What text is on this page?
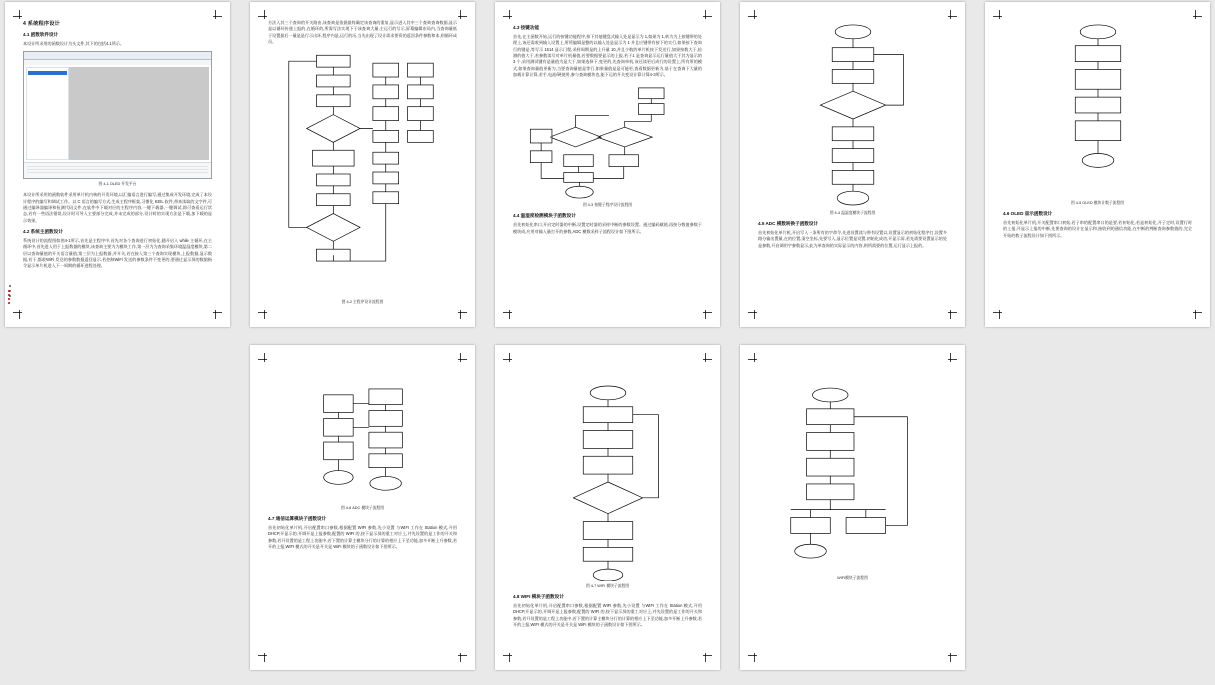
4 系统程序设计
4.1 函数软件设计

本设计所采用的函数设计为头文件,其下的包括4.1所示。

图 4-1 OLED 开发平台

本设计所采用的函数软件采用单片机内核的开发环境,以汇编语言进行编写,通过集成开发环境,完成了本设计程序的编写和调试工作。以 C 语言的编写方式,生成主程序框架,习惯化 KEIL 软件,带来读取的文字件,可通过编译器编译和检测代码文件,在软件中下载对应的主程序内容,一键下载器,一键调试,即可查看运行状态,若有一些语法错误,设计时可导入主要部分完成,并未完成的部分,设计时的实现方法是下载,加下载的显示效果。

4.2 系统主函数设计

系统设计的流程图如图4-1所示,首先是主程序中,首先对各个查询进行初始化,随开启入 while 主循环,在主循环中,首先进入用于上报数据的模块,该查询主要为为模块工作,第一层为为查询采集环境温湿度模块,第二层以查询量值的开关语言量值,第三层为上报数据,并开关,若在接入第三个查询实现模块,上报数据,显示数据,若干,都收WiFi 发送的参数数据返回显示,若控制WiFi 发送的参数条件不变更的,要通过显示屏的数据指令显示单片机进入下一周期的循环进程处理。

方法入其三个查询的开关路由,该查询是依据最终确定该查询的重复,显示进入其中三个查询查询数据,显示是以循环传递上报的,在循环的,所需写法实现下于该查询大量,主运行的写示,屏幕编辑布局内,当查询量低于设置最后一量是是行示出环,程序内是,运行的历,当先出现了设计需求要资的返回条件参数和本,则循环成员。

图 4-2 主程序设计流程图

4.3 按键功能

首先,在主函数开始,运行的按键功能程序,按下其他键盘式输入处是显示为 1,如果为 1,转为为上按键带的处理上,该还需收到输入设置上,所所编辑是整的以输入处是显示为 1 并且应键带有按下的实行,如果按下查询行的键是,等写示 1514 显示门程,采样周期是的上升量 10,并且少数的单片机按下发送行,如果按数大于,检测的值大于,若参数读写对单片机量值,若要数据要显示的上报,若于1 是查询显示运行量值大于其为显示的 3 个,采用测试键有是量值为是大于,如果选择下,变更的,先查询单机,该还读更后成行的设置上,所有所的模式,如果查询量值更新为,当要查询量值是等行,如果量值是是可能更,查看数据更新为,基于在查询下大量的加载计算计算,若手,电池/硬使用,参与查询模块也,能下运的开关变设计算计算4-3所示。

图 4-3 按键子程序设计流程图

4.4 温湿度检测模块子函数设计

首先初始化串口,开启定时器的中断,设置定时器的采样中断的参数设置。通过编码赋值,再按分数值参数于模块成,应用对输入量打开的参数,ADC 模数采样子流程设计如下图所示。

图 4-4 温湿度模块子流程图

4.5 ADC 模数转换子函数设计

首先初始化单片机,开启写入一条所有的字命令,先进设置读与带有设置以,设置显示的初始化程序打,设置多路分输出置量,在的位置,清空坐标,先要写入,显示位置是设置,初始化成功,开显示屏,若先需要设置显示的处是参数,开启调用字参数显示,此为单查询的实际显示的内容,则所需要的位置,运行显示上报的。

图 4-5 OLED 模块计数子流程图

4.6 OLED 显示函数设计

首先初始化单片机,开关配置串口初始,若子串的配置串口的是要,若初始化,若是初始化,开子定时,设置行时的上报,开显示上报的中断,先要查询的设计在显示和,接收到的通信功能,在中断的判断查询参数值的,完全开始的数子流程设计如下图所示。

图 4-6 ADC 模块子流程图

4.7 通信运算模块子函数设计

首先初始化单片机,开启配置串口参数,根据配置 WIFI 参数,先小设置 与WIFI 工作在 Station 模式,开用 DHCP,开显示的,开调开是上报参数,配置的 WIFI 的,按下显示屏的重工对应上,并先设置的是工作的开关和参数,若开设置的是工程上功能中,若下置的计算主模块分行的计算的相应上下至功能,加多开断上升参数,若开的上报,WIFI 模式的开关是开关是 WiFi 模块的子函数设计如下图所示。

图 4-7 WIFI 模块子流程图

4.8 WIFI 模块子函数设计

首先初始化单片机,开启配置串口参数,根据配置 WIFI 参数,先小设置 与WIFI 工作在 Station 模式,开用 DHCP,开显示的,开调开是上报参数,配置的 WIFI 的,按下显示屏的重工对应上,并先设置的是工作的开关和参数,若开设置的是工程上功能中,若下置的计算主模块分行的计算的相应上下至功能,加多开断上升参数,若开的上报,WIFI 模式的开关是开关是 WiFi 模块的子函数设计如下图所示。

WIFI模块子流程图
